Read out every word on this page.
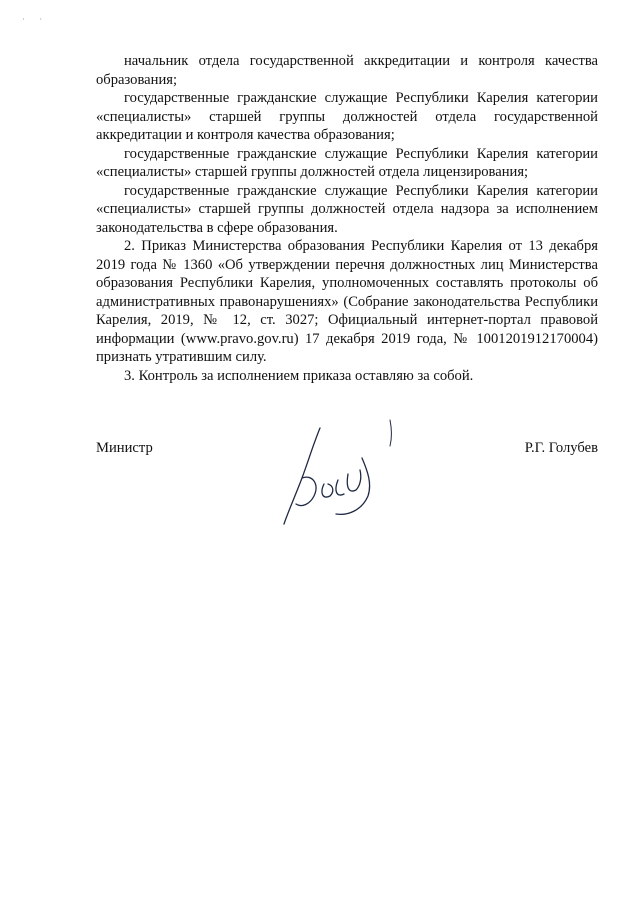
· ·

начальник отдела государственной аккредитации и контроля качества образования;

государственные гражданские служащие Республики Карелия категории «специалисты» старшей группы должностей отдела государственной аккредитации и контроля качества образования;

государственные гражданские служащие Республики Карелия категории «специалисты» старшей группы должностей отдела лицензирования;

государственные гражданские служащие Республики Карелия категории «специалисты» старшей группы должностей отдела надзора за исполнением законодательства в сфере образования.

2. Приказ Министерства образования Республики Карелия от 13 декабря 2019 года № 1360 «Об утверждении перечня должностных лиц Министерства образования Республики Карелия, уполномоченных составлять протоколы об административных правонарушениях» (Собрание законодательства Республики Карелия, 2019, № 12, ст. 3027; Официальный интернет-портал правовой информации (www.pravo.gov.ru) 17 декабря 2019 года, № 1001201912170004) признать утратившим силу.

3. Контроль за исполнением приказа оставляю за собой.

Министр	Р.Г. Голубев
